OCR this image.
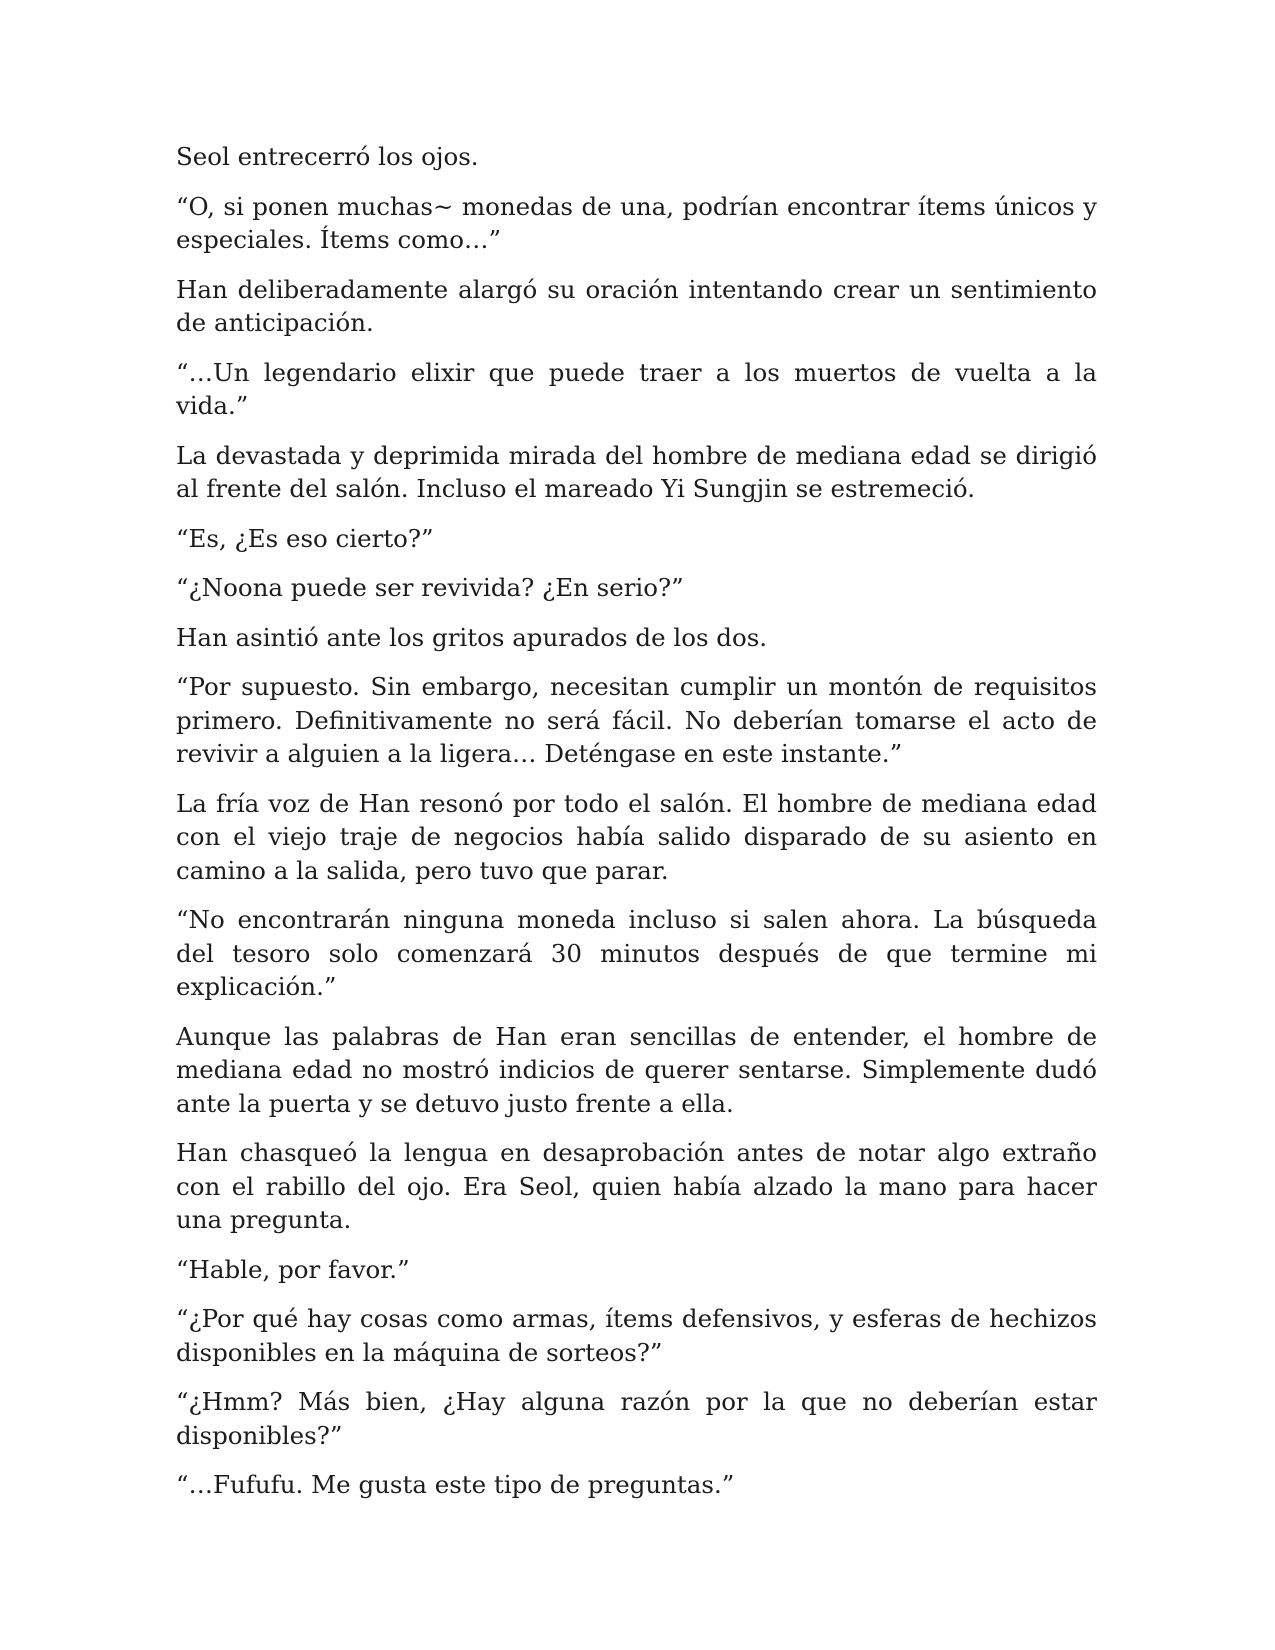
Seol entrecerró los ojos.

“O, si ponen muchas~ monedas de una, podrían encontrar ítems únicos y especiales. Ítems como…”

Han deliberadamente alargó su oración intentando crear un sentimiento de anticipación.

“…Un legendario elixir que puede traer a los muertos de vuelta a la vida.”

La devastada y deprimida mirada del hombre de mediana edad se dirigió al frente del salón. Incluso el mareado Yi Sungjin se estremeció.

“Es, ¿Es eso cierto?”

“¿Noona puede ser revivida? ¿En serio?”

Han asintió ante los gritos apurados de los dos.

“Por supuesto. Sin embargo, necesitan cumplir un montón de requisitos primero. Definitivamente no será fácil. No deberían tomarse el acto de revivir a alguien a la ligera… Deténgase en este instante.”

La fría voz de Han resonó por todo el salón. El hombre de mediana edad con el viejo traje de negocios había salido disparado de su asiento en camino a la salida, pero tuvo que parar.

“No encontrarán ninguna moneda incluso si salen ahora. La búsqueda del tesoro solo comenzará 30 minutos después de que termine mi explicación.”

Aunque las palabras de Han eran sencillas de entender, el hombre de mediana edad no mostró indicios de querer sentarse. Simplemente dudó ante la puerta y se detuvo justo frente a ella.

Han chasqueó la lengua en desaprobación antes de notar algo extraño con el rabillo del ojo. Era Seol, quien había alzado la mano para hacer una pregunta.

“Hable, por favor.”

“¿Por qué hay cosas como armas, ítems defensivos, y esferas de hechizos disponibles en la máquina de sorteos?”

“¿Hmm? Más bien, ¿Hay alguna razón por la que no deberían estar disponibles?”

“…Fufufu. Me gusta este tipo de preguntas.”
